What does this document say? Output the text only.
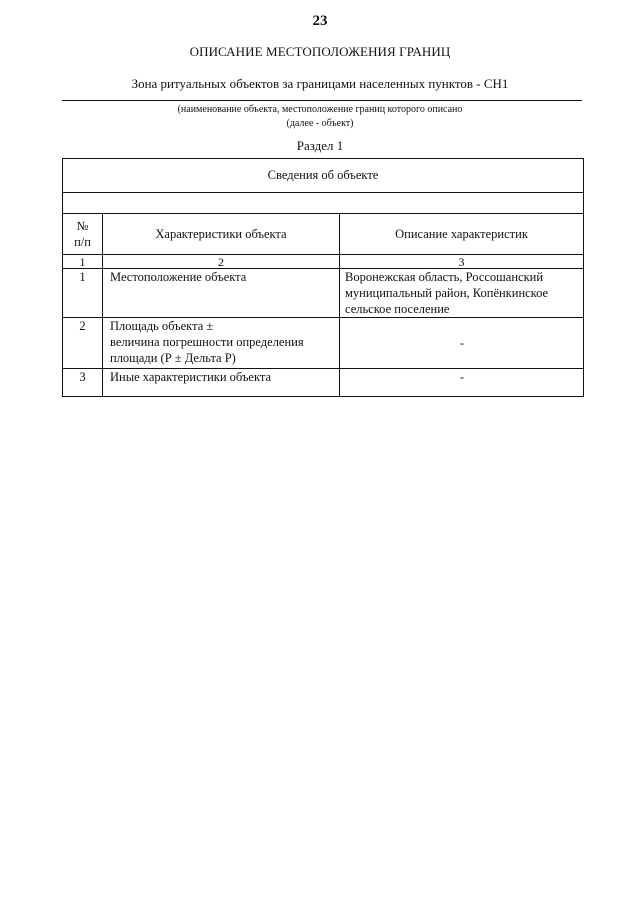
23
ОПИСАНИЕ МЕСТОПОЛОЖЕНИЯ ГРАНИЦ
Зона ритуальных объектов за границами населенных пунктов - СН1
(наименование объекта, местоположение границ которого описано
(далее - объект)
Раздел 1
Сведения об объекте		

№
п/п	Характеристики объекта	Описание характеристик
1	2	3
1	Местоположение объекта	Воронежская область, Россошанский
муниципальный район, Копёнкинское
сельское поселение

2	Площадь объекта ±
величина погрешности определения
площади (Р ± Дельта Р)	-
3	Иные характеристики объекта	-
